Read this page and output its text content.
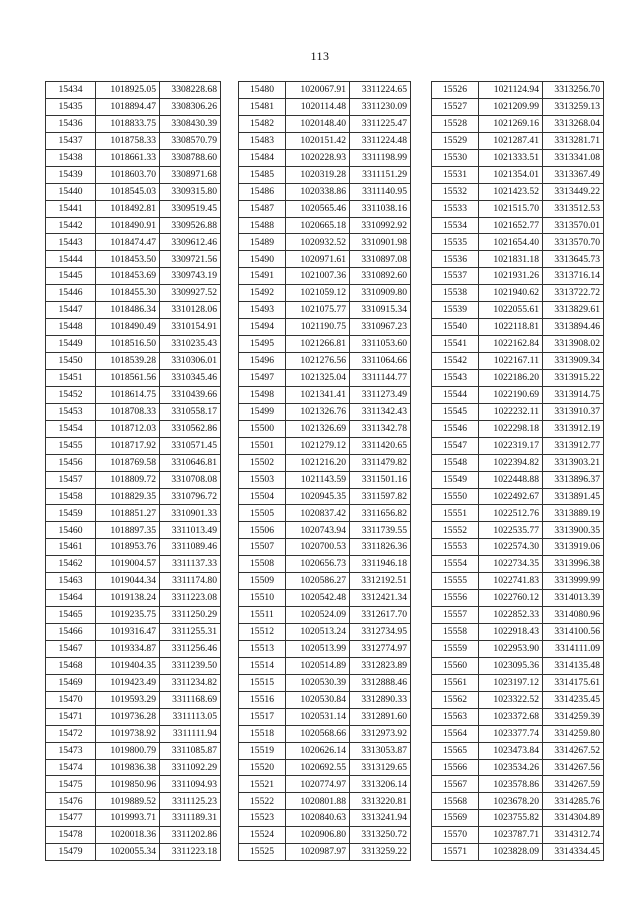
113
15434	1018925.05	3308228.68
15435	1018894.47	3308306.26
15436	1018833.75	3308430.39
15437	1018758.33	3308570.79
15438	1018661.33	3308788.60
15439	1018603.70	3308971.68
15440	1018545.03	3309315.80
15441	1018492.81	3309519.45
15442	1018490.91	3309526.88
15443	1018474.47	3309612.46
15444	1018453.50	3309721.56
15445	1018453.69	3309743.19
15446	1018455.30	3309927.52
15447	1018486.34	3310128.06
15448	1018490.49	3310154.91
15449	1018516.50	3310235.43
15450	1018539.28	3310306.01
15451	1018561.56	3310345.46
15452	1018614.75	3310439.66
15453	1018708.33	3310558.17
15454	1018712.03	3310562.86
15455	1018717.92	3310571.45
15456	1018769.58	3310646.81
15457	1018809.72	3310708.08
15458	1018829.35	3310796.72
15459	1018851.27	3310901.33
15460	1018897.35	3311013.49
15461	1018953.76	3311089.46
15462	1019004.57	3311137.33
15463	1019044.34	3311174.80
15464	1019138.24	3311223.08
15465	1019235.75	3311250.29
15466	1019316.47	3311255.31
15467	1019334.87	3311256.46
15468	1019404.35	3311239.50
15469	1019423.49	3311234.82
15470	1019593.29	3311168.69
15471	1019736.28	3311113.05
15472	1019738.92	3311111.94
15473	1019800.79	3311085.87
15474	1019836.38	3311092.29
15475	1019850.96	3311094.93
15476	1019889.52	3311125.23
15477	1019993.71	3311189.31
15478	1020018.36	3311202.86
15479	1020055.34	3311223.18
15480	1020067.91	3311224.65
15481	1020114.48	3311230.09
15482	1020148.40	3311225.47
15483	1020151.42	3311224.48
15484	1020228.93	3311198.99
15485	1020319.28	3311151.29
15486	1020338.86	3311140.95
15487	1020565.46	3311038.16
15488	1020665.18	3310992.92
15489	1020932.52	3310901.98
15490	1020971.61	3310897.08
15491	1021007.36	3310892.60
15492	1021059.12	3310909.80
15493	1021075.77	3310915.34
15494	1021190.75	3310967.23
15495	1021266.81	3311053.60
15496	1021276.56	3311064.66
15497	1021325.04	3311144.77
15498	1021341.41	3311273.49
15499	1021326.76	3311342.43
15500	1021326.69	3311342.78
15501	1021279.12	3311420.65
15502	1021216.20	3311479.82
15503	1021143.59	3311501.16
15504	1020945.35	3311597.82
15505	1020837.42	3311656.82
15506	1020743.94	3311739.55
15507	1020700.53	3311826.36
15508	1020656.73	3311946.18
15509	1020586.27	3312192.51
15510	1020542.48	3312421.34
15511	1020524.09	3312617.70
15512	1020513.24	3312734.95
15513	1020513.99	3312774.97
15514	1020514.89	3312823.89
15515	1020530.39	3312888.46
15516	1020530.84	3312890.33
15517	1020531.14	3312891.60
15518	1020568.66	3312973.92
15519	1020626.14	3313053.87
15520	1020692.55	3313129.65
15521	1020774.97	3313206.14
15522	1020801.88	3313220.81
15523	1020840.63	3313241.94
15524	1020906.80	3313250.72
15525	1020987.97	3313259.22
15526	1021124.94	3313256.70
15527	1021209.99	3313259.13
15528	1021269.16	3313268.04
15529	1021287.41	3313281.71
15530	1021333.51	3313341.08
15531	1021354.01	3313367.49
15532	1021423.52	3313449.22
15533	1021515.70	3313512.53
15534	1021652.77	3313570.01
15535	1021654.40	3313570.70
15536	1021831.18	3313645.73
15537	1021931.26	3313716.14
15538	1021940.62	3313722.72
15539	1022055.61	3313829.61
15540	1022118.81	3313894.46
15541	1022162.84	3313908.02
15542	1022167.11	3313909.34
15543	1022186.20	3313915.22
15544	1022190.69	3313914.75
15545	1022232.11	3313910.37
15546	1022298.18	3313912.19
15547	1022319.17	3313912.77
15548	1022394.82	3313903.21
15549	1022448.88	3313896.37
15550	1022492.67	3313891.45
15551	1022512.76	3313889.19
15552	1022535.77	3313900.35
15553	1022574.30	3313919.06
15554	1022734.35	3313996.38
15555	1022741.83	3313999.99
15556	1022760.12	3314013.39
15557	1022852.33	3314080.96
15558	1022918.43	3314100.56
15559	1022953.90	3314111.09
15560	1023095.36	3314135.48
15561	1023197.12	3314175.61
15562	1023322.52	3314235.45
15563	1023372.68	3314259.39
15564	1023377.74	3314259.80
15565	1023473.84	3314267.52
15566	1023534.26	3314267.56
15567	1023578.86	3314267.59
15568	1023678.20	3314285.76
15569	1023755.82	3314304.89
15570	1023787.71	3314312.74
15571	1023828.09	3314334.45
